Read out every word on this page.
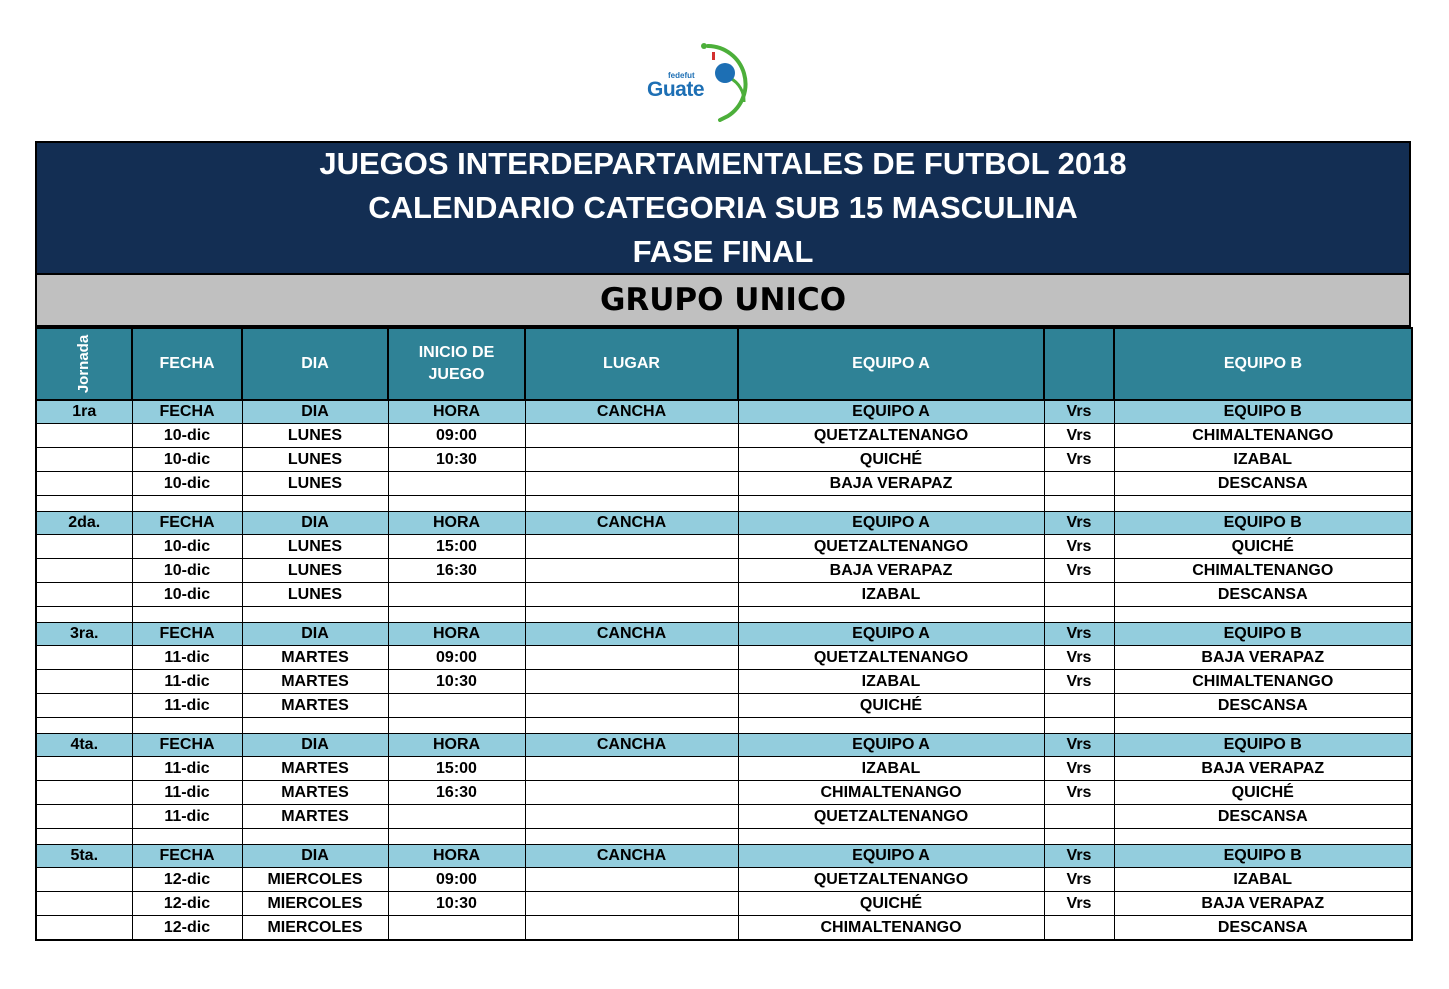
fedefut
Guate
JUEGOS INTERDEPARTAMENTALES DE FUTBOL 2018
CALENDARIO CATEGORIA SUB 15 MASCULINA
FASE FINAL
GRUPO UNICO
Jornada	FECHA	DIA	INICIO DE JUEGO	LUGAR	EQUIPO A		EQUIPO B
1ra	FECHA	DIA	HORA	CANCHA	EQUIPO A	Vrs	EQUIPO B
	10-dic	LUNES	09:00		QUETZALTENANGO	Vrs	CHIMALTENANGO
	10-dic	LUNES	10:30		QUICHÉ	Vrs	IZABAL
	10-dic	LUNES			BAJA VERAPAZ		DESCANSA

2da.	FECHA	DIA	HORA	CANCHA	EQUIPO A	Vrs	EQUIPO B
	10-dic	LUNES	15:00		QUETZALTENANGO	Vrs	QUICHÉ
	10-dic	LUNES	16:30		BAJA VERAPAZ	Vrs	CHIMALTENANGO
	10-dic	LUNES			IZABAL		DESCANSA

3ra.	FECHA	DIA	HORA	CANCHA	EQUIPO A	Vrs	EQUIPO B
	11-dic	MARTES	09:00		QUETZALTENANGO	Vrs	BAJA VERAPAZ
	11-dic	MARTES	10:30		IZABAL	Vrs	CHIMALTENANGO
	11-dic	MARTES			QUICHÉ		DESCANSA

4ta.	FECHA	DIA	HORA	CANCHA	EQUIPO A	Vrs	EQUIPO B
	11-dic	MARTES	15:00		IZABAL	Vrs	BAJA VERAPAZ
	11-dic	MARTES	16:30		CHIMALTENANGO	Vrs	QUICHÉ
	11-dic	MARTES			QUETZALTENANGO		DESCANSA

5ta.	FECHA	DIA	HORA	CANCHA	EQUIPO A	Vrs	EQUIPO B
	12-dic	MIERCOLES	09:00		QUETZALTENANGO	Vrs	IZABAL
	12-dic	MIERCOLES	10:30		QUICHÉ	Vrs	BAJA VERAPAZ
	12-dic	MIERCOLES			CHIMALTENANGO		DESCANSA
